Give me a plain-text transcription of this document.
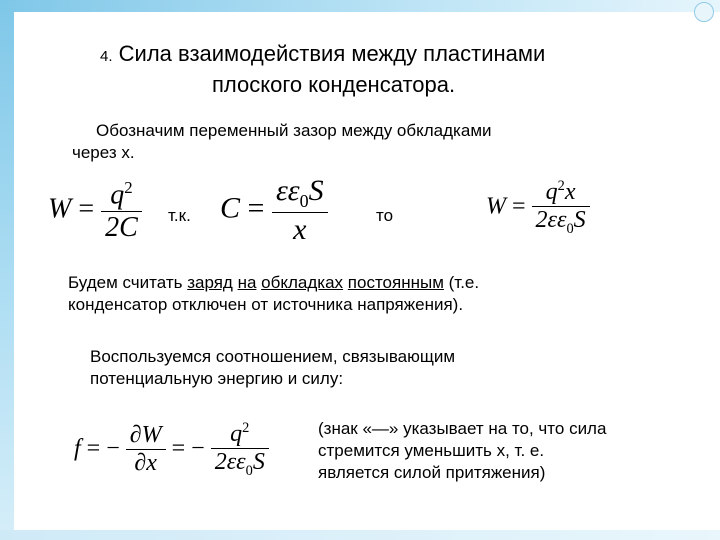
4. Сила взаимодействия между пластинами
плоского конденсатора.
Обозначим переменный зазор между обкладками
через x.
$W = \frac{q^2}{2C} т.к$. $C = \frac{\varepsilon\varepsilon_0S}{x}$	то	$W = \frac{q^2x}{2\varepsilon\varepsilon_0S}$
Будем считать заряд на обкладках постоянным (т.е.
конденсатор отключен от источника напряжения).
Воспользуемся соотношением, связывающим
потенциальную энергию и силу:
f = − $\frac{\partial W}{\partial x}$ = − $\frac{q^2}{2\varepsilon\varepsilon_0S}$	(знак «—» указывает на то, что сила
стремится уменьшить x, т. е.
является силой притяжения)
